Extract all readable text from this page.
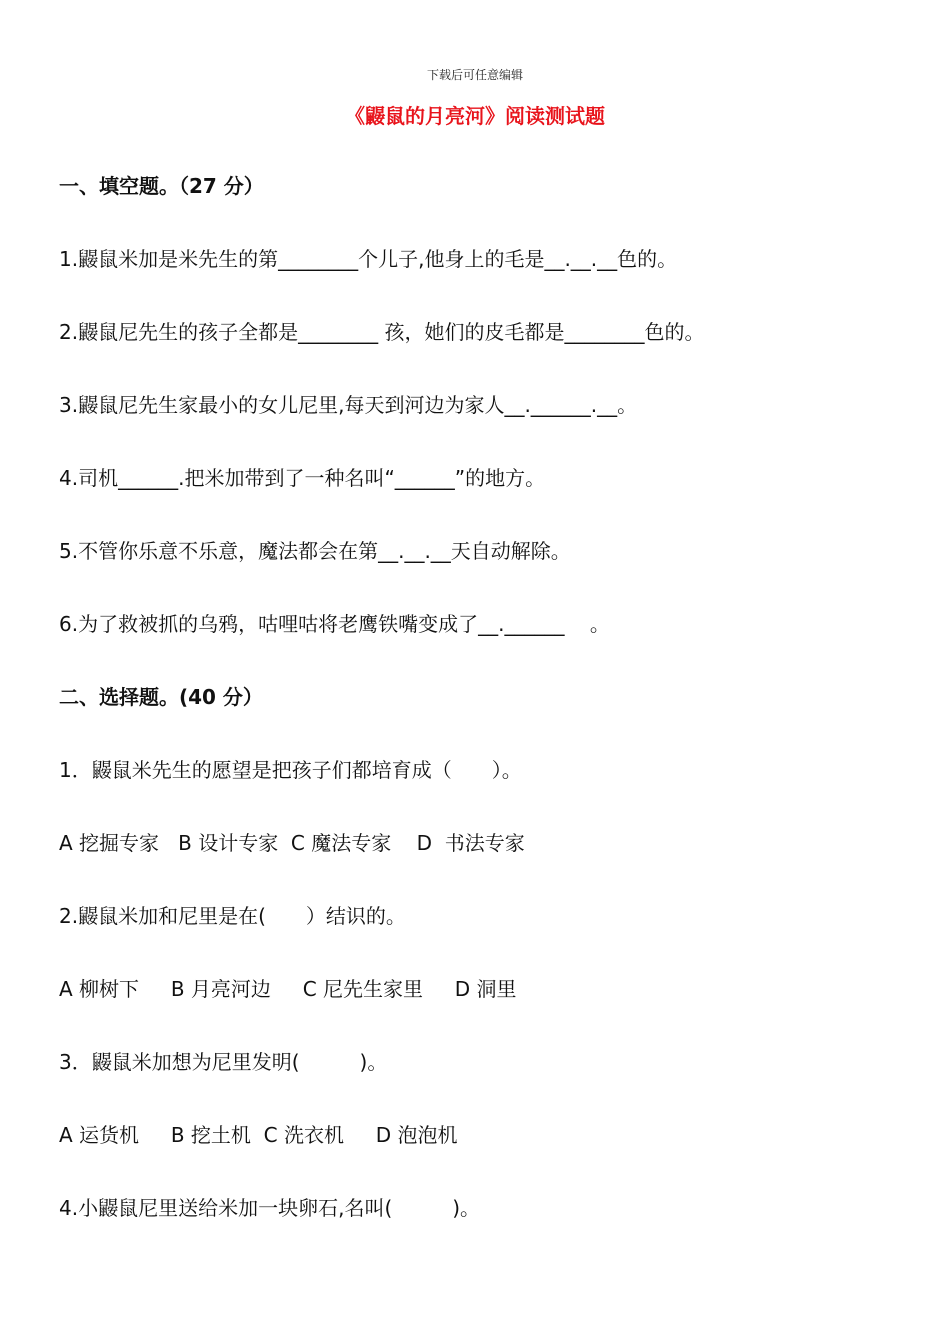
下载后可任意编辑
《鼹鼠的月亮河》阅读测试题
一、填空题。（27 分）
1.鼹鼠米加是米先生的第________个儿子,他身上的毛是__.__.__色的。
2.鼹鼠尼先生的孩子全都是________ 孩，她们的皮毛都是________色的。
3.鼹鼠尼先生家最小的女儿尼里,每天到河边为家人__.______.__。
4.司机______.把米加带到了一种名叫“______”的地方。
5.不管你乐意不乐意，魔法都会在第__.__.__天自动解除。
6.为了救被抓的乌鸦，咕哩咕将老鹰铁嘴变成了__.______    。
二、选择题。(40 分）
1．鼹鼠米先生的愿望是把孩子们都培育成（　　）。
A 挖掘专家   B 设计专家  C 魔法专家    D  书法专家
2.鼹鼠米加和尼里是在(　　）结识的。
A 柳树下     B 月亮河边     C 尼先生家里     D 洞里
3．鼹鼠米加想为尼里发明(　　　)。
A 运货机     B 挖土机  C 洗衣机     D 泡泡机
4.小鼹鼠尼里送给米加一块卵石,名叫(　　　)。
